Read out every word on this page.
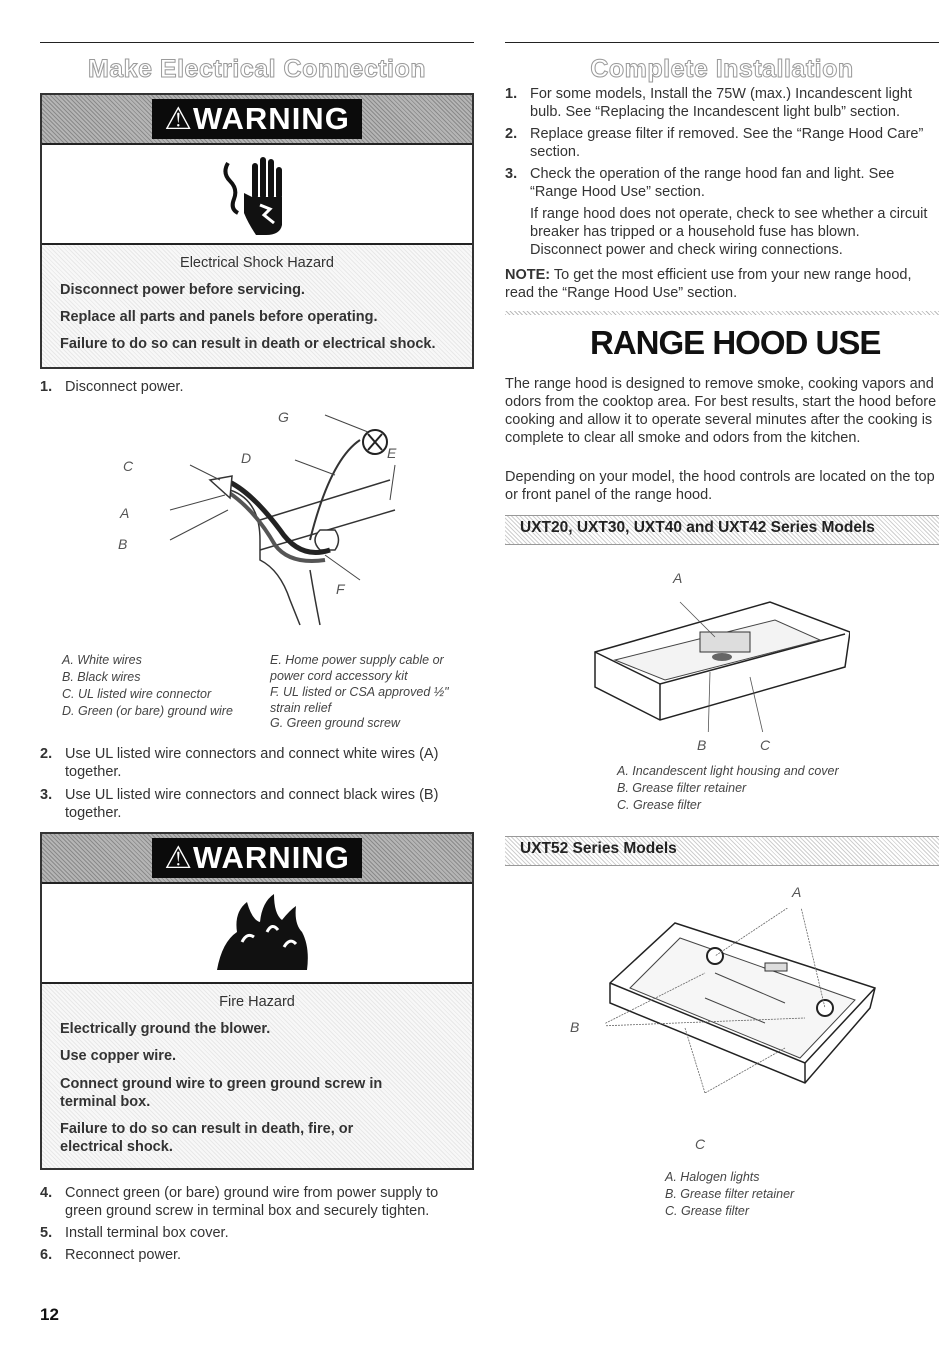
Make Electrical Connection
⚠WARNING
Electrical Shock Hazard
Disconnect power before servicing.
Replace all parts and panels before operating.
Failure to do so can result in death or electrical shock.
1. Disconnect power.
G
D	E
C
A
B
F
A. White wires
B. Black wires
C. UL listed wire connector
D. Green (or bare) ground wire
E. Home power supply cable or power cord accessory kit
F. UL listed or CSA approved ½" strain relief
G. Green ground screw
2. Use UL listed wire connectors and connect white wires (A) together.
3. Use UL listed wire connectors and connect black wires (B) together.
⚠WARNING
Fire Hazard
Electrically ground the blower.
Use copper wire.
Connect ground wire to green ground screw in terminal box.
Failure to do so can result in death, fire, or electrical shock.
4. Connect green (or bare) ground wire from power supply to green ground screw in terminal box and securely tighten.
5. Install terminal box cover.
6. Reconnect power.
12
Complete Installation
1. For some models, Install the 75W (max.) Incandescent light bulb. See “Replacing the Incandescent light bulb” section.
2. Replace grease filter if removed. See the “Range Hood Care” section.
3. Check the operation of the range hood fan and light. See “Range Hood Use” section.
If range hood does not operate, check to see whether a circuit breaker has tripped or a household fuse has blown. Disconnect power and check wiring connections.
NOTE: To get the most efficient use from your new range hood, read the “Range Hood Use” section.
RANGE HOOD USE
The range hood is designed to remove smoke, cooking vapors and odors from the cooktop area. For best results, start the hood before cooking and allow it to operate several minutes after the cooking is complete to clear all smoke and odors from the kitchen.
Depending on your model, the hood controls are located on the top or front panel of the range hood.
UXT20, UXT30, UXT40 and UXT42 Series Models
A
B	C
A. Incandescent light housing and cover
B. Grease filter retainer
C. Grease filter
UXT52 Series Models
A
B
C
A. Halogen lights
B. Grease filter retainer
C. Grease filter
